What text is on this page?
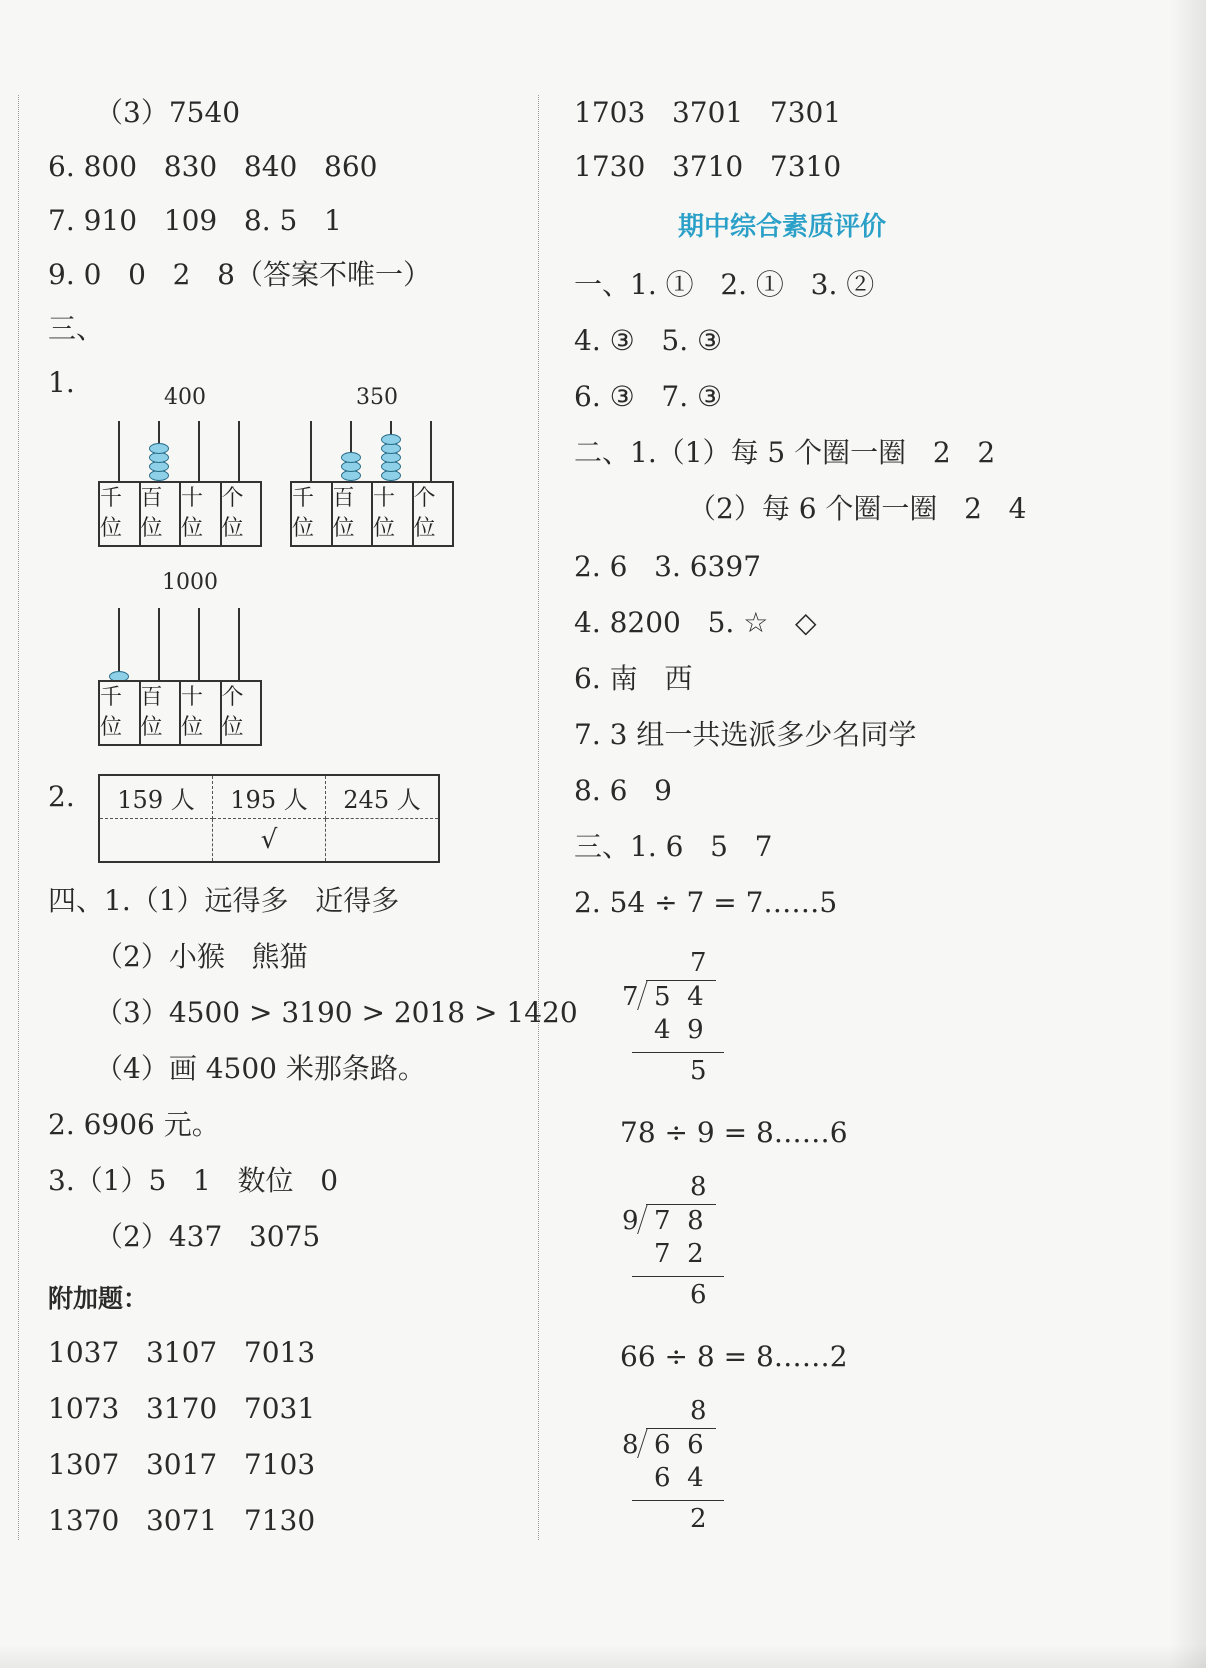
（3）7540
6. 800   830   840   860
7. 910   109   8. 5   1
9. 0   0   2   8（答案不唯一）
三、
1.	400
千位
百位
十位
个位
350
千位
百位
十位
个位
1000
千位
百位
十位
个位
2. 159 人	195 人	245 人
	√	
四、1.（1）远得多   近得多
（2）小猴   熊猫
（3）4500 > 3190 > 2018 > 1420
（4）画 4500 米那条路。
2. 6906 元。
3.（1）5   1   数位   0
（2）437   3075
附加题：
1037   3107   7013
1073   3170   7031
1307   3017   7103
1370   3071   7130
1703   3701   7301
1730   3710   7310
期中综合素质评价
一、1. ①   2. ①   3. ②
4. ③   5. ③
6. ③   7. ③
二、1.（1）每 5 个圈一圈   2   2
（2）每 6 个圈一圈   2   4
2. 6   3. 6397
4. 8200   5. ☆   ◇
6. 南   西
7. 3 组一共选派多少名同学
8. 6   9
三、1. 6   5   7
2. 54 ÷ 7 = 7……5
7
7 5  4
4  9
5
78 ÷ 9 = 8……6
8
9 7  8
7  2
6
66 ÷ 8 = 8……2
8
8 6  6
6  4
2
